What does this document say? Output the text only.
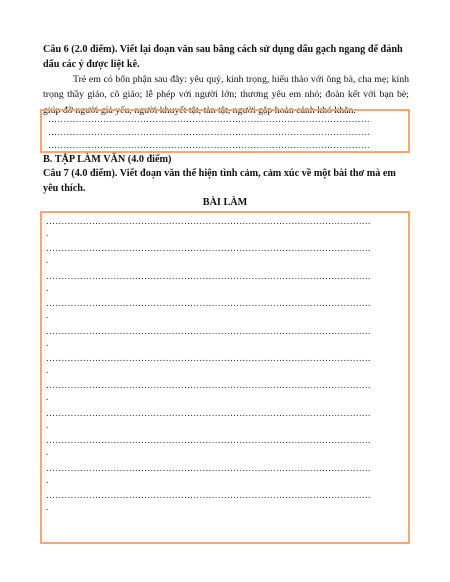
Câu 6 (2.0 điểm). Viết lại đoạn văn sau bằng cách sử dụng dấu gạch ngang để đánh dấu các ý được liệt kê.
Trẻ em có bổn phận sau đây: yêu quý, kính trọng, hiếu thảo với ông bà, cha mẹ; kính trọng thầy giáo, cô giáo; lễ phép với người lớn; thương yêu em nhỏ; đoàn kết với bạn bè; giúp đỡ người già yếu, người khuyết tật, tàn tật, người gặp hoàn cảnh khó khăn.
……………………………………………………………………………………………
……………………………………………………………………………………………
……………………………………………………………………………………………
B. TẬP LÀM VĂN (4.0 điểm)
Câu 7 (4.0 điểm). Viết đoạn văn thể hiện tình cảm, cảm xúc về một bài thơ mà em yêu thích.
BÀI LÀM
…………………………………………………………………………………………….
.
…………………………………………………………………………………………….
.
…………………………………………………………………………………………….
.
…………………………………………………………………………………………….
.
…………………………………………………………………………………………….
.
…………………………………………………………………………………………….
.
…………………………………………………………………………………………….
.
…………………………………………………………………………………………….
.
…………………………………………………………………………………………….
.
…………………………………………………………………………………………….
.
…………………………………………………………………………………………….
.
